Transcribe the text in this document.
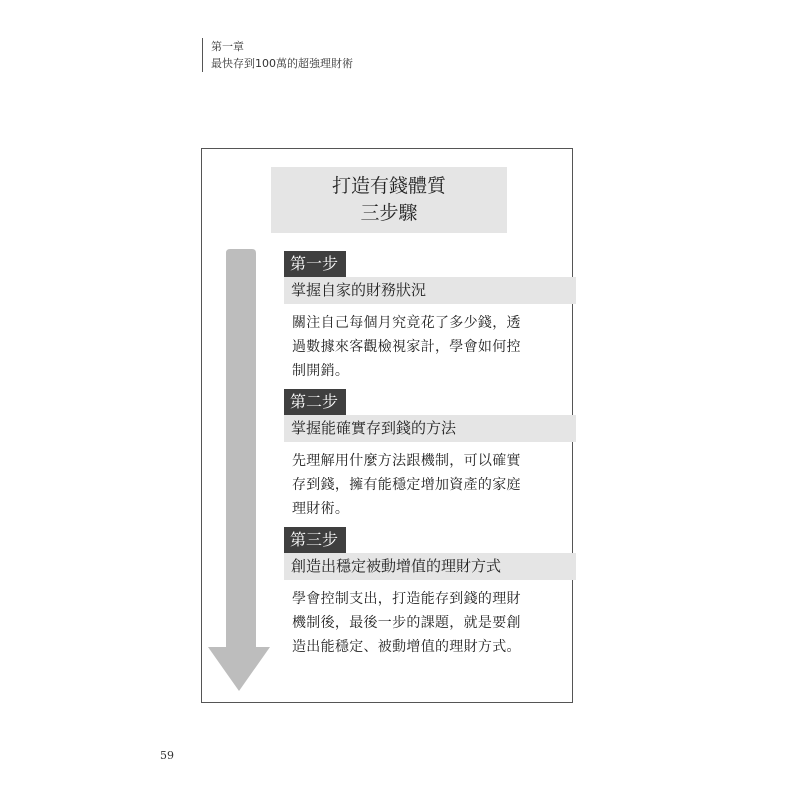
第一章
最快存到100萬的超強理財術
打造有錢體質
三步驟
第一步
掌握自家的財務狀況
關注自己每個月究竟花了多少錢，透
過數據來客觀檢視家計，學會如何控
制開銷。
第二步
掌握能確實存到錢的方法
先理解用什麼方法跟機制，可以確實
存到錢，擁有能穩定增加資產的家庭
理財術。
第三步
創造出穩定被動增值的理財方式
學會控制支出，打造能存到錢的理財
機制後，最後一步的課題，就是要創
造出能穩定、被動增值的理財方式。
59
